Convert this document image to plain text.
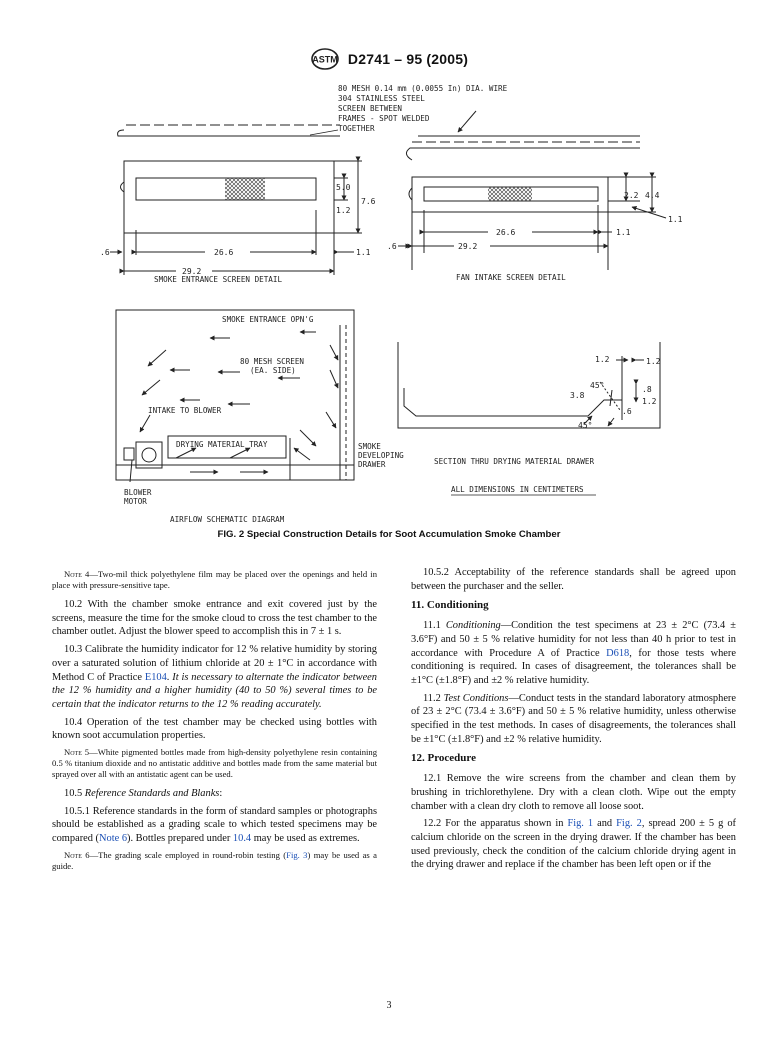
ASTM D2741 – 95 (2005)
80 MESH 0.14 mm (0.0055 In) DIA. WIRE
304 STAINLESS STEEL
SCREEN BETWEEN
FRAMES - SPOT WELDED
TOGETHER
5.0
7.6
1.2
.6	26.6	1.1
29.2
SMOKE ENTRANCE SCREEN DETAIL
2.2 4.4
1.1
.6
26.6	1.1
29.2
FAN INTAKE SCREEN DETAIL
SMOKE ENTRANCE OPN'G
80 MESH SCREEN
(EA. SIDE)
INTAKE TO BLOWER
DRYING MATERIAL TRAY	SMOKE
DEVELOPING
DRAWER
BLOWER
MOTOR
AIRFLOW SCHEMATIC DIAGRAM
1.2	1.2
3.8
45°	.8
1.2
.6
45°
SECTION THRU DRYING MATERIAL DRAWER
ALL DIMENSIONS IN CENTIMETERS
FIG. 2 Special Construction Details for Soot Accumulation Smoke Chamber

Note 4—Two-mil thick polyethylene film may be placed over the openings and held in place with pressure-sensitive tape.

10.2 With the chamber smoke entrance and exit covered just by the screens, measure the time for the smoke cloud to cross the test chamber to the chamber outlet. Adjust the blower speed to accomplish this in 7 ± 1 s.

10.3 Calibrate the humidity indicator for 12 % relative humidity by storing over a saturated solution of lithium chloride at 20 ± 1°C in accordance with Method C of Practice E104. It is necessary to alternate the indicator between the 12 % humidity and a higher humidity (40 to 50 %) several times to be certain that the indicator returns to the 12 % reading accurately.

10.4 Operation of the test chamber may be checked using bottles with known soot accumulation properties.

Note 5—White pigmented bottles made from high-density polyethylene resin containing 0.5 % titanium dioxide and no antistatic additive and bottles made from the same material but sprayed over all with an antistatic agent can be used.

10.5 Reference Standards and Blanks:

10.5.1 Reference standards in the form of standard samples or photographs should be established as a grading scale to which tested specimens may be compared (Note 6). Bottles prepared under 10.4 may be used as extremes.

Note 6—The grading scale employed in round-robin testing (Fig. 3) may be used as a guide.

10.5.2 Acceptability of the reference standards shall be agreed upon between the purchaser and the seller.

11. Conditioning

11.1 Conditioning—Condition the test specimens at 23 ± 2°C (73.4 ± 3.6°F) and 50 ± 5 % relative humidity for not less than 40 h prior to test in accordance with Procedure A of Practice D618, for those tests where conditioning is required. In cases of disagreement, the tolerances shall be ±1°C (±1.8°F) and ±2 % relative humidity.

11.2 Test Conditions—Conduct tests in the standard laboratory atmosphere of 23 ± 2°C (73.4 ± 3.6°F) and 50 ± 5 % relative humidity, unless otherwise specified in the test methods. In cases of disagreements, the tolerances shall be ±1°C (±1.8°F) and ±2 % relative humidity.

12. Procedure

12.1 Remove the wire screens from the chamber and clean them by brushing in trichlorethylene. Dry with a clean cloth. Wipe out the empty chamber with a clean dry cloth to remove all loose soot.

12.2 For the apparatus shown in Fig. 1 and Fig. 2, spread 200 ± 5 g of calcium chloride on the screen in the drying drawer. If the chamber has been used previously, check the condition of the calcium chloride drying agent in the drying drawer and replace if the chamber has been left open or if the

3
